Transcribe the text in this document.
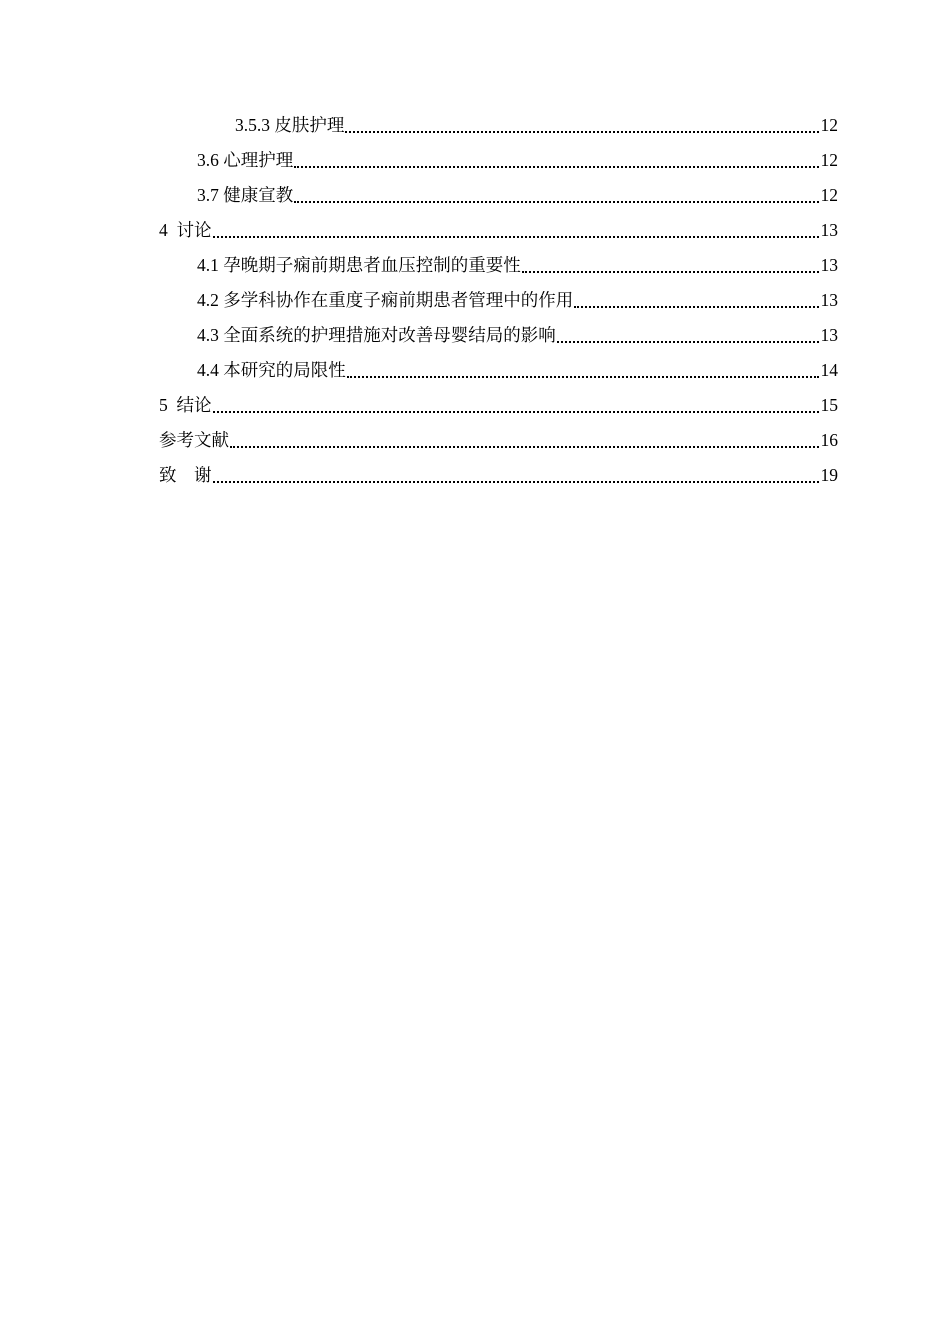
3.5.3 皮肤护理	12
3.6 心理护理	12
3.7 健康宣教	12
4  讨论	13
4.1 孕晚期子痫前期患者血压控制的重要性	13
4.2 多学科协作在重度子痫前期患者管理中的作用	13
4.3 全面系统的护理措施对改善母婴结局的影响	13
4.4 本研究的局限性	14
5  结论	15
参考文献	16
致    谢	19
